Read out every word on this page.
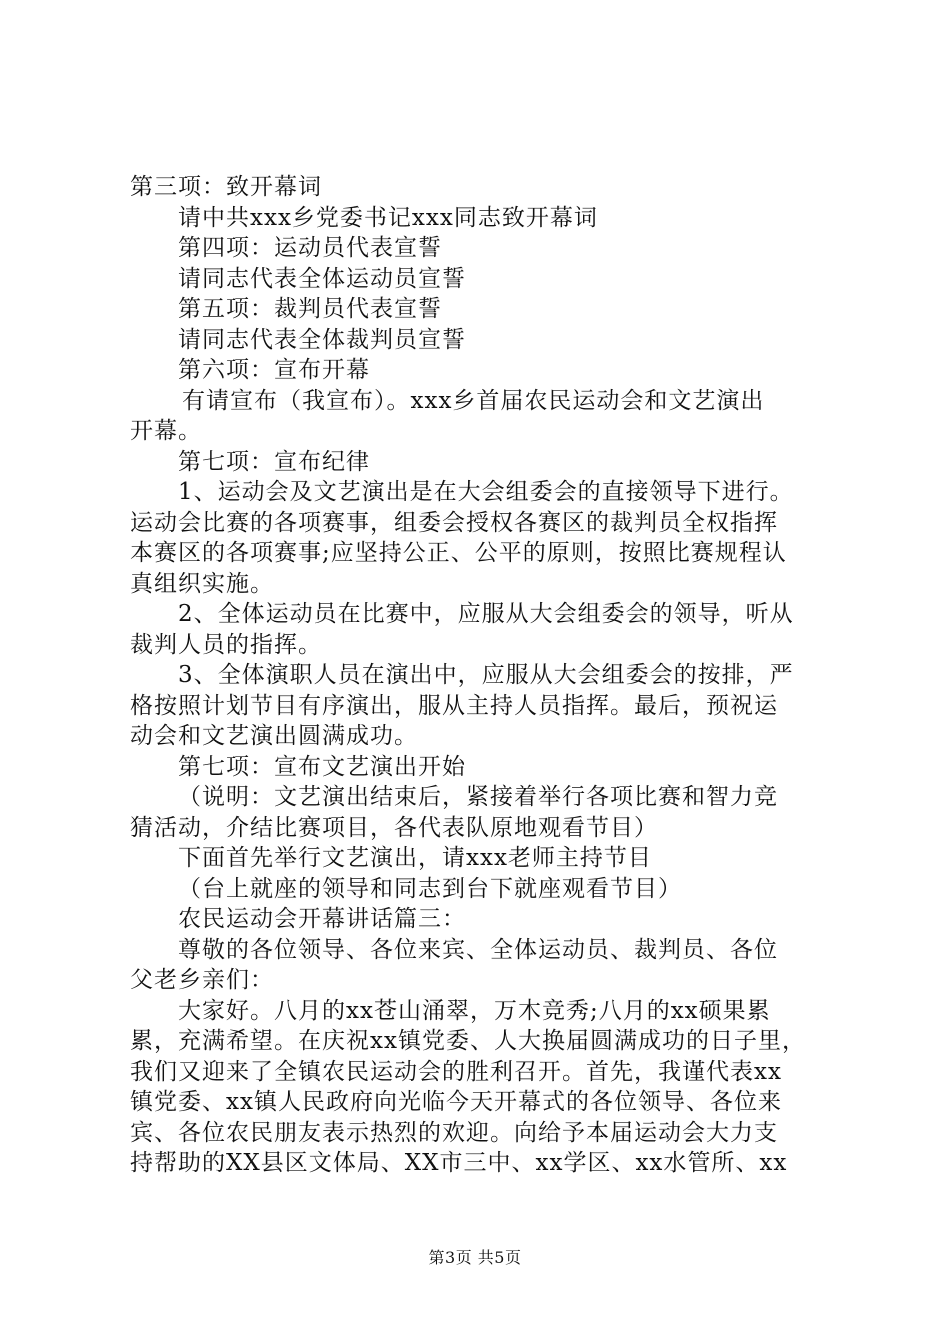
第三项：致开幕词
请中共xxx乡党委书记xxx同志致开幕词
第四项：运动员代表宣誓
请同志代表全体运动员宣誓
第五项：裁判员代表宣誓
请同志代表全体裁判员宣誓
第六项：宣布开幕
有请宣布（我宣布）。xxx乡首届农民运动会和文艺演出
开幕。
第七项：宣布纪律
1、运动会及文艺演出是在大会组委会的直接领导下进行。
运动会比赛的各项赛事，组委会授权各赛区的裁判员全权指挥
本赛区的各项赛事;应坚持公正、公平的原则，按照比赛规程认
真组织实施。
2、全体运动员在比赛中，应服从大会组委会的领导，听从
裁判人员的指挥。
3、全体演职人员在演出中，应服从大会组委会的按排，严
格按照计划节目有序演出，服从主持人员指挥。最后，预祝运
动会和文艺演出圆满成功。
第七项：宣布文艺演出开始
（说明：文艺演出结束后，紧接着举行各项比赛和智力竞
猜活动，介结比赛项目，各代表队原地观看节目）
下面首先举行文艺演出，请xxx老师主持节目
（台上就座的领导和同志到台下就座观看节目）
农民运动会开幕讲话篇三：
尊敬的各位领导、各位来宾、全体运动员、裁判员、各位
父老乡亲们：
大家好。八月的xx苍山涌翠，万木竞秀;八月的xx硕果累
累，充满希望。在庆祝xx镇党委、人大换届圆满成功的日子里，
我们又迎来了全镇农民运动会的胜利召开。首先，我谨代表xx
镇党委、xx镇人民政府向光临今天开幕式的各位领导、各位来
宾、各位农民朋友表示热烈的欢迎。向给予本届运动会大力支
持帮助的XX县区文体局、XX市三中、xx学区、xx水管所、xx
第3页 共5页
